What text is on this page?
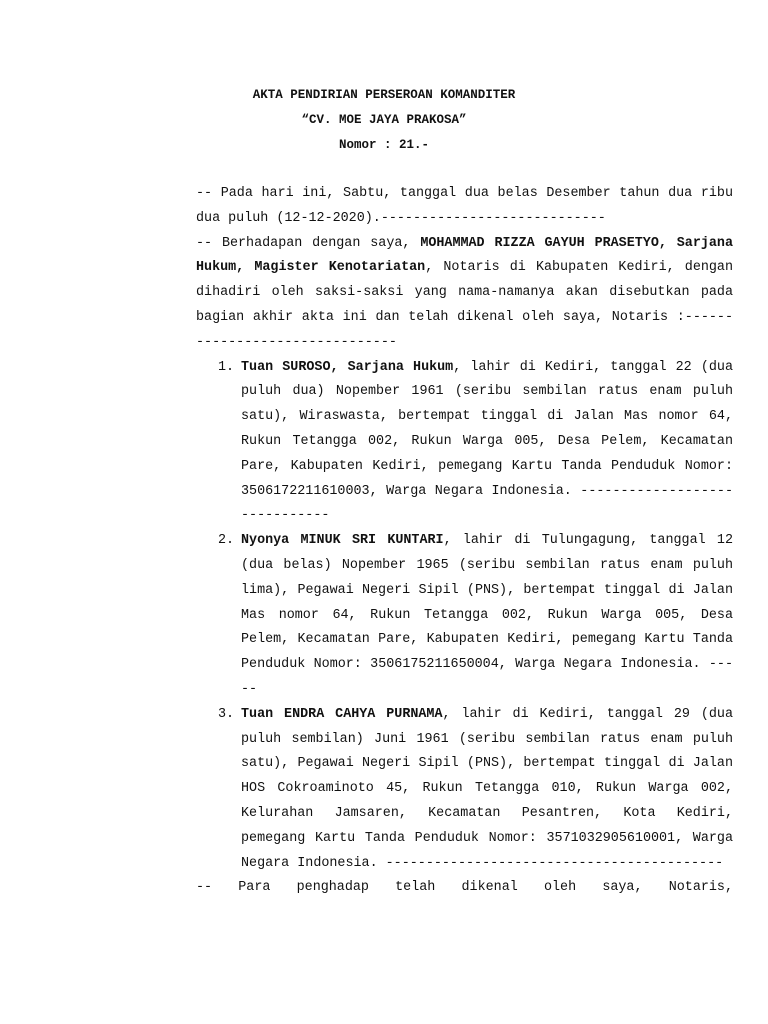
AKTA PENDIRIAN PERSEROAN KOMANDITER
“CV. MOE JAYA PRAKOSA”
Nomor : 21.-

-- Pada hari ini, Sabtu, tanggal dua belas Desember tahun dua ribu dua puluh (12-12-2020).----------------------------

-- Berhadapan dengan saya, MOHAMMAD RIZZA GAYUH PRASETYO, Sarjana Hukum, Magister Kenotariatan, Notaris di Kabupaten Kediri, dengan dihadiri oleh saksi-saksi yang nama-namanya akan disebutkan pada bagian akhir akta ini dan telah dikenal oleh saya, Notaris :-------------------------------

1. Tuan SUROSO, Sarjana Hukum, lahir di Kediri, tanggal 22 (dua puluh dua) Nopember 1961 (seribu sembilan ratus enam puluh satu), Wiraswasta, bertempat tinggal di Jalan Mas nomor 64, Rukun Tetangga 002, Rukun Warga 005, Desa Pelem, Kecamatan Pare, Kabupaten Kediri, pemegang Kartu Tanda Penduduk Nomor: 3506172211610003, Warga Negara Indonesia. ------------------------------

2. Nyonya MINUK SRI KUNTARI, lahir di Tulungagung, tanggal 12 (dua belas) Nopember 1965 (seribu sembilan ratus enam puluh lima), Pegawai Negeri Sipil (PNS), bertempat tinggal di Jalan Mas nomor 64, Rukun Tetangga 002, Rukun Warga 005, Desa Pelem, Kecamatan Pare, Kabupaten Kediri, pemegang Kartu Tanda Penduduk Nomor: 3506175211650004, Warga Negara Indonesia. -----

3. Tuan ENDRA CAHYA PURNAMA, lahir di Kediri, tanggal 29 (dua puluh sembilan) Juni 1961 (seribu sembilan ratus enam puluh satu), Pegawai Negeri Sipil (PNS), bertempat tinggal di Jalan HOS Cokroaminoto 45, Rukun Tetangga 010, Rukun Warga 002, Kelurahan Jamsaren, Kecamatan Pesantren, Kota Kediri, pemegang Kartu Tanda Penduduk Nomor: 3571032905610001, Warga Negara Indonesia. ------------------------------------------

-- Para penghadap telah dikenal oleh saya, Notaris,
